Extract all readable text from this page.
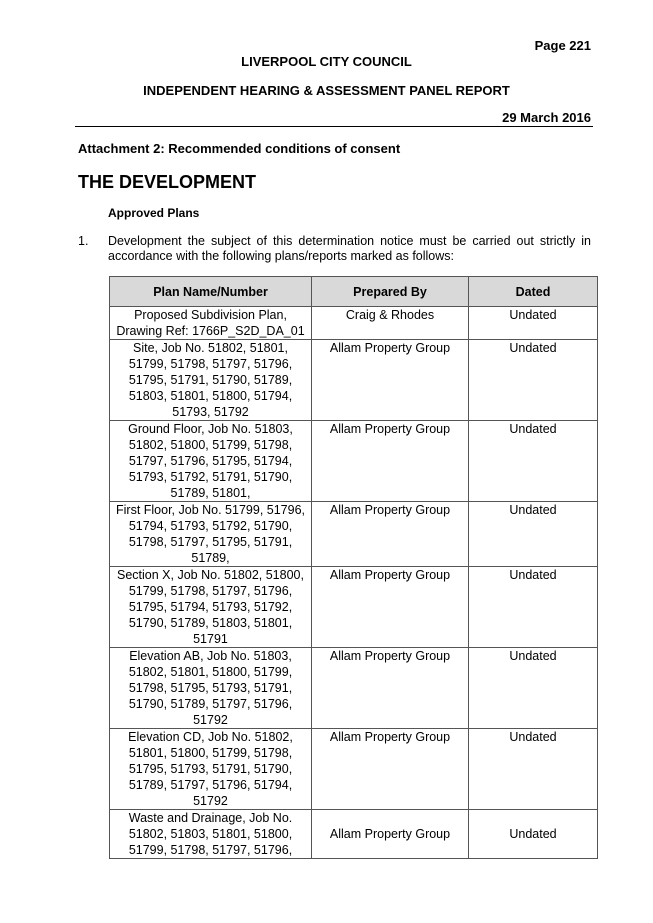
Page 221
LIVERPOOL CITY COUNCIL
INDEPENDENT HEARING & ASSESSMENT PANEL REPORT
29 March 2016
Attachment 2: Recommended conditions of consent
THE DEVELOPMENT
Approved Plans
1. Development the subject of this determination notice must be carried out strictly in accordance with the following plans/reports marked as follows:
Plan Name/Number	Prepared By	Dated
Proposed Subdivision Plan, Drawing Ref: 1766P_S2D_DA_01	Craig & Rhodes	Undated
Site, Job No. 51802, 51801, 51799, 51798, 51797, 51796, 51795, 51791, 51790, 51789, 51803, 51801, 51800, 51794, 51793, 51792	Allam Property Group	Undated
Ground Floor, Job No. 51803, 51802, 51800, 51799, 51798, 51797, 51796, 51795, 51794, 51793, 51792, 51791, 51790, 51789, 51801,	Allam Property Group	Undated
First Floor, Job No. 51799, 51796, 51794, 51793, 51792, 51790, 51798, 51797, 51795, 51791, 51789,	Allam Property Group	Undated
Section X, Job No. 51802, 51800, 51799, 51798, 51797, 51796, 51795, 51794, 51793, 51792, 51790, 51789, 51803, 51801, 51791	Allam Property Group	Undated
Elevation AB, Job No. 51803, 51802, 51801, 51800, 51799, 51798, 51795, 51793, 51791, 51790, 51789, 51797, 51796, 51792	Allam Property Group	Undated
Elevation CD, Job No. 51802, 51801, 51800, 51799, 51798, 51795, 51793, 51791, 51790, 51789, 51797, 51796, 51794, 51792	Allam Property Group	Undated
Waste and Drainage, Job No. 51802, 51803, 51801, 51800, 51799, 51798, 51797, 51796,	Allam Property Group	Undated
